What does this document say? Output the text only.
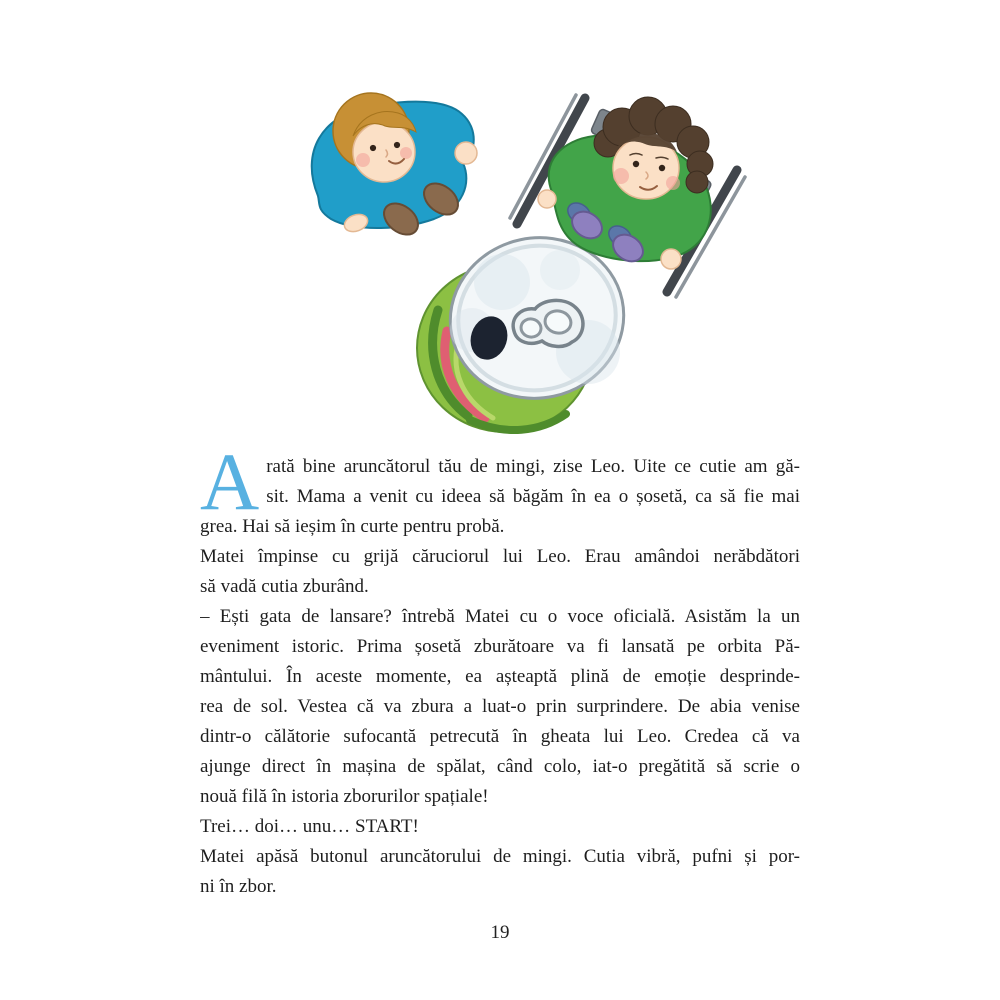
A rată bine aruncătorul tău de mingi, zise Leo. Uite ce cutie am gă-
sit. Mama a venit cu ideea să băgăm în ea o șosetă, ca să fie mai
grea. Hai să ieșim în curte pentru probă.
Matei împinse cu grijă căruciorul lui Leo. Erau amândoi nerăbdători
să vadă cutia zburând.
– Ești gata de lansare? întrebă Matei cu o voce oficială. Asistăm la un
eveniment istoric. Prima șosetă zburătoare va fi lansată pe orbita Pă-
mântului. În aceste momente, ea așteaptă plină de emoție desprinde-
rea de sol. Vestea că va zbura a luat-o prin surprindere. De abia venise
dintr-o călătorie sufocantă petrecută în gheata lui Leo. Credea că va
ajunge direct în mașina de spălat, când colo, iat-o pregătită să scrie o
nouă filă în istoria zborurilor spațiale!
Trei… doi… unu… START!
Matei apăsă butonul aruncătorului de mingi. Cutia vibră, pufni și por-
ni în zbor.
19
